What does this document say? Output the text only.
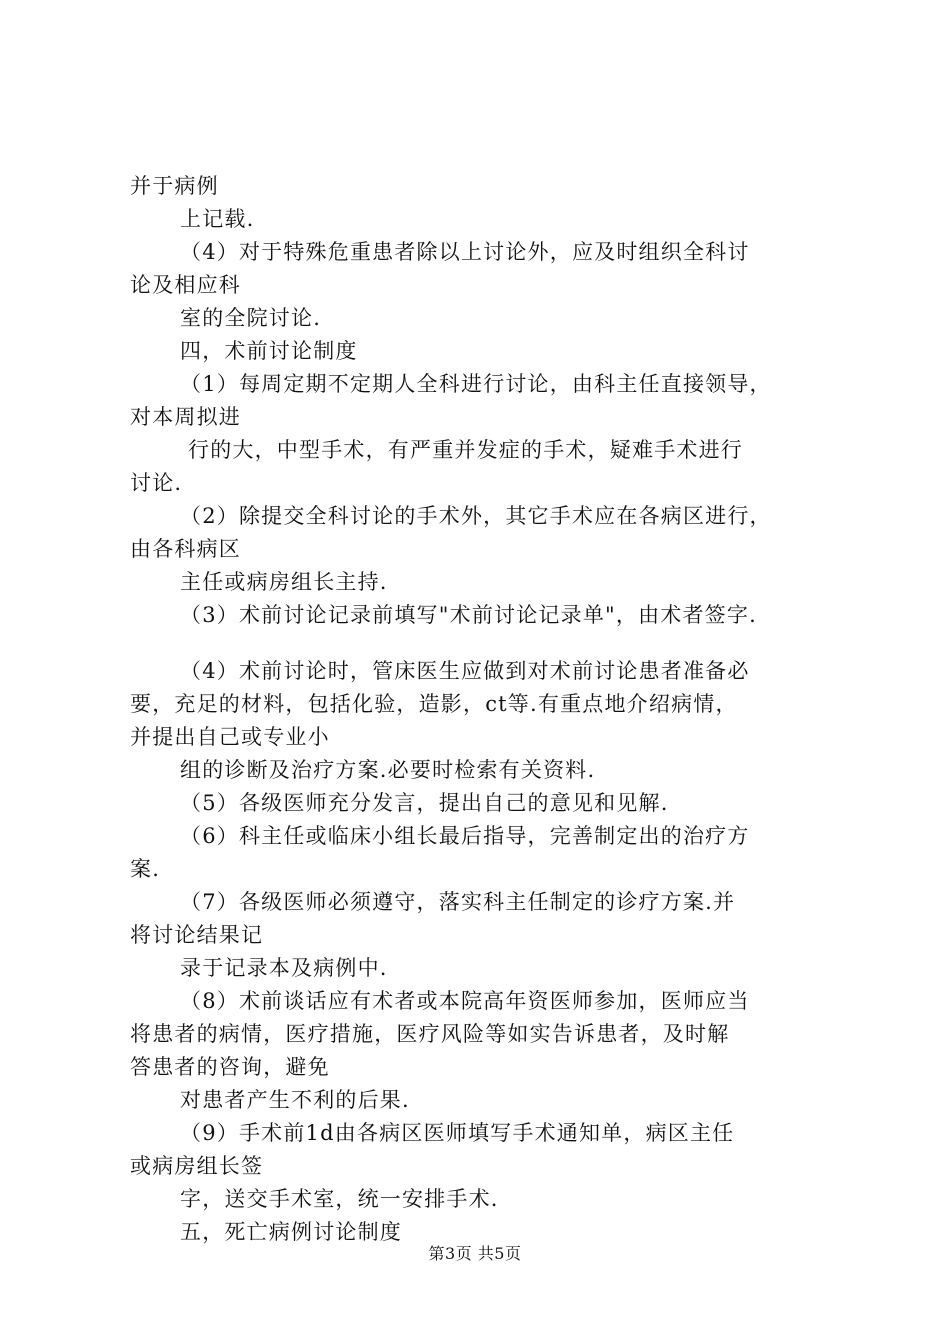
并于病例
上记载.
（4）对于特殊危重患者除以上讨论外，应及时组织全科讨
论及相应科
室的全院讨论.
四，术前讨论制度
（1）每周定期不定期人全科进行讨论，由科主任直接领导，
对本周拟进
行的大，中型手术，有严重并发症的手术，疑难手术进行
讨论.
（2）除提交全科讨论的手术外，其它手术应在各病区进行，
由各科病区
主任或病房组长主持.
（3）术前讨论记录前填写"术前讨论记录单"，由术者签字.
（4）术前讨论时，管床医生应做到对术前讨论患者准备必
要，充足的材料，包括化验，造影，ct等.有重点地介绍病情，
并提出自己或专业小
组的诊断及治疗方案.必要时检索有关资料.
（5）各级医师充分发言，提出自己的意见和见解.
（6）科主任或临床小组长最后指导，完善制定出的治疗方
案.
（7）各级医师必须遵守，落实科主任制定的诊疗方案.并
将讨论结果记
录于记录本及病例中.
（8）术前谈话应有术者或本院高年资医师参加，医师应当
将患者的病情，医疗措施，医疗风险等如实告诉患者，及时解
答患者的咨询，避免
对患者产生不利的后果.
（9）手术前1d由各病区医师填写手术通知单，病区主任
或病房组长签
字，送交手术室，统一安排手术.
五，死亡病例讨论制度
第3页 共5页
